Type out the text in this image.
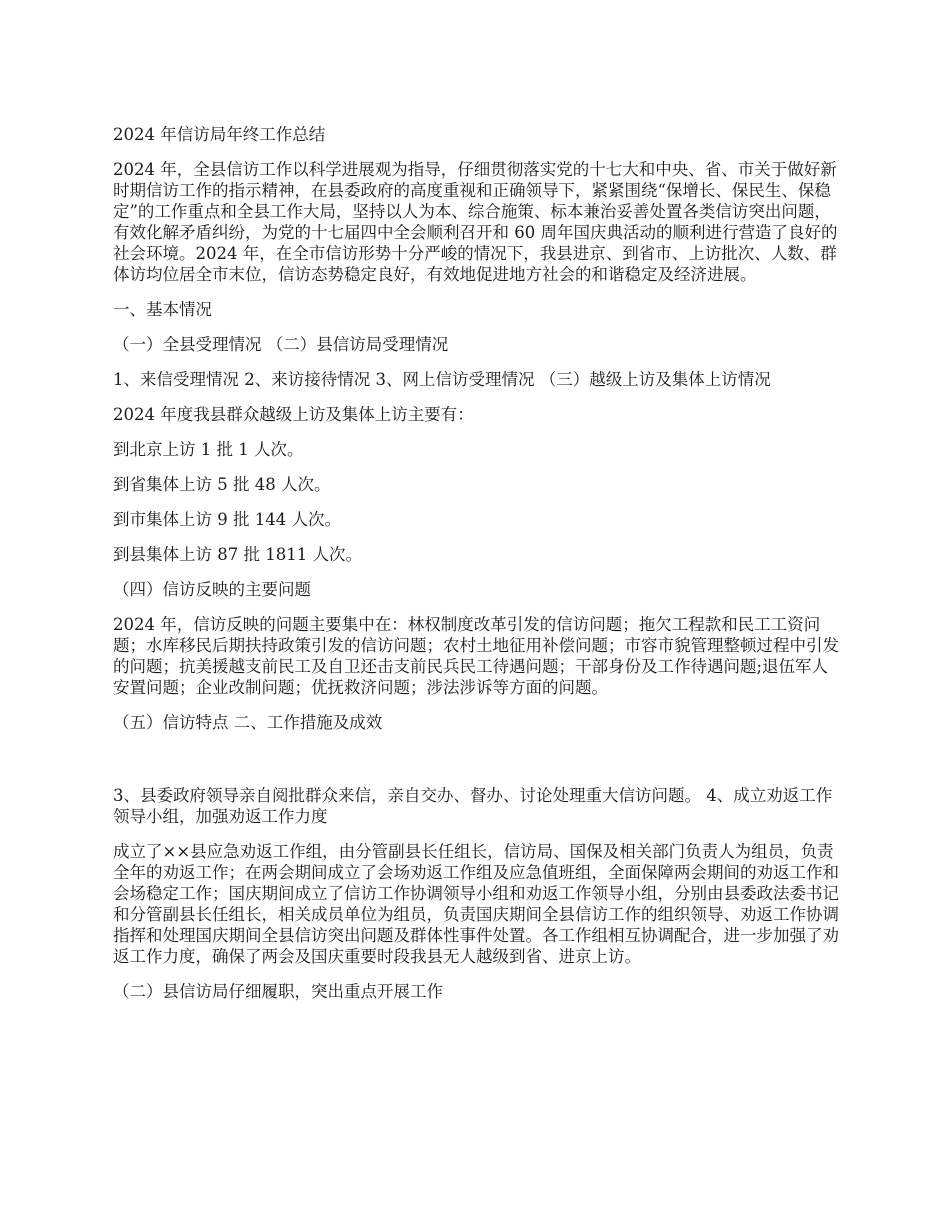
2024 年信访局年终工作总结

2024 年，全县信访工作以科学进展观为指导，仔细贯彻落实党的十七大和中央、省、市关于做好新时期信访工作的指示精神，在县委政府的高度重视和正确领导下，紧紧围绕“保增长、保民生、保稳定”的工作重点和全县工作大局，坚持以人为本、综合施策、标本兼治妥善处置各类信访突出问题，有效化解矛盾纠纷，为党的十七届四中全会顺利召开和 60 周年国庆典活动的顺利进行营造了良好的社会环境。2024 年，在全市信访形势十分严峻的情况下，我县进京、到省市、上访批次、人数、群体访均位居全市末位，信访态势稳定良好，有效地促进地方社会的和谐稳定及经济进展。

一、基本情况

（一）全县受理情况 （二）县信访局受理情况

1、来信受理情况 2、来访接待情况 3、网上信访受理情况 （三）越级上访及集体上访情况

2024 年度我县群众越级上访及集体上访主要有：

到北京上访 1 批 1 人次。

到省集体上访 5 批 48 人次。

到市集体上访 9 批 144 人次。

到县集体上访 87 批 1811 人次。

（四）信访反映的主要问题

2024 年，信访反映的问题主要集中在：林权制度改革引发的信访问题；拖欠工程款和民工工资问题；水库移民后期扶持政策引发的信访问题；农村土地征用补偿问题；市容市貌管理整顿过程中引发的问题；抗美援越支前民工及自卫还击支前民兵民工待遇问题；干部身份及工作待遇问题;退伍军人安置问题；企业改制问题；优抚救济问题；涉法涉诉等方面的问题。

（五）信访特点 二、工作措施及成效

3、县委政府领导亲自阅批群众来信，亲自交办、督办、讨论处理重大信访问题。 4、成立劝返工作领导小组，加强劝返工作力度

成立了××县应急劝返工作组，由分管副县长任组长，信访局、国保及相关部门负责人为组员，负责全年的劝返工作；在两会期间成立了会场劝返工作组及应急值班组，全面保障两会期间的劝返工作和会场稳定工作；国庆期间成立了信访工作协调领导小组和劝返工作领导小组，分别由县委政法委书记和分管副县长任组长，相关成员单位为组员，负责国庆期间全县信访工作的组织领导、劝返工作协调指挥和处理国庆期间全县信访突出问题及群体性事件处置。各工作组相互协调配合，进一步加强了劝返工作力度，确保了两会及国庆重要时段我县无人越级到省、进京上访。

（二）县信访局仔细履职，突出重点开展工作
